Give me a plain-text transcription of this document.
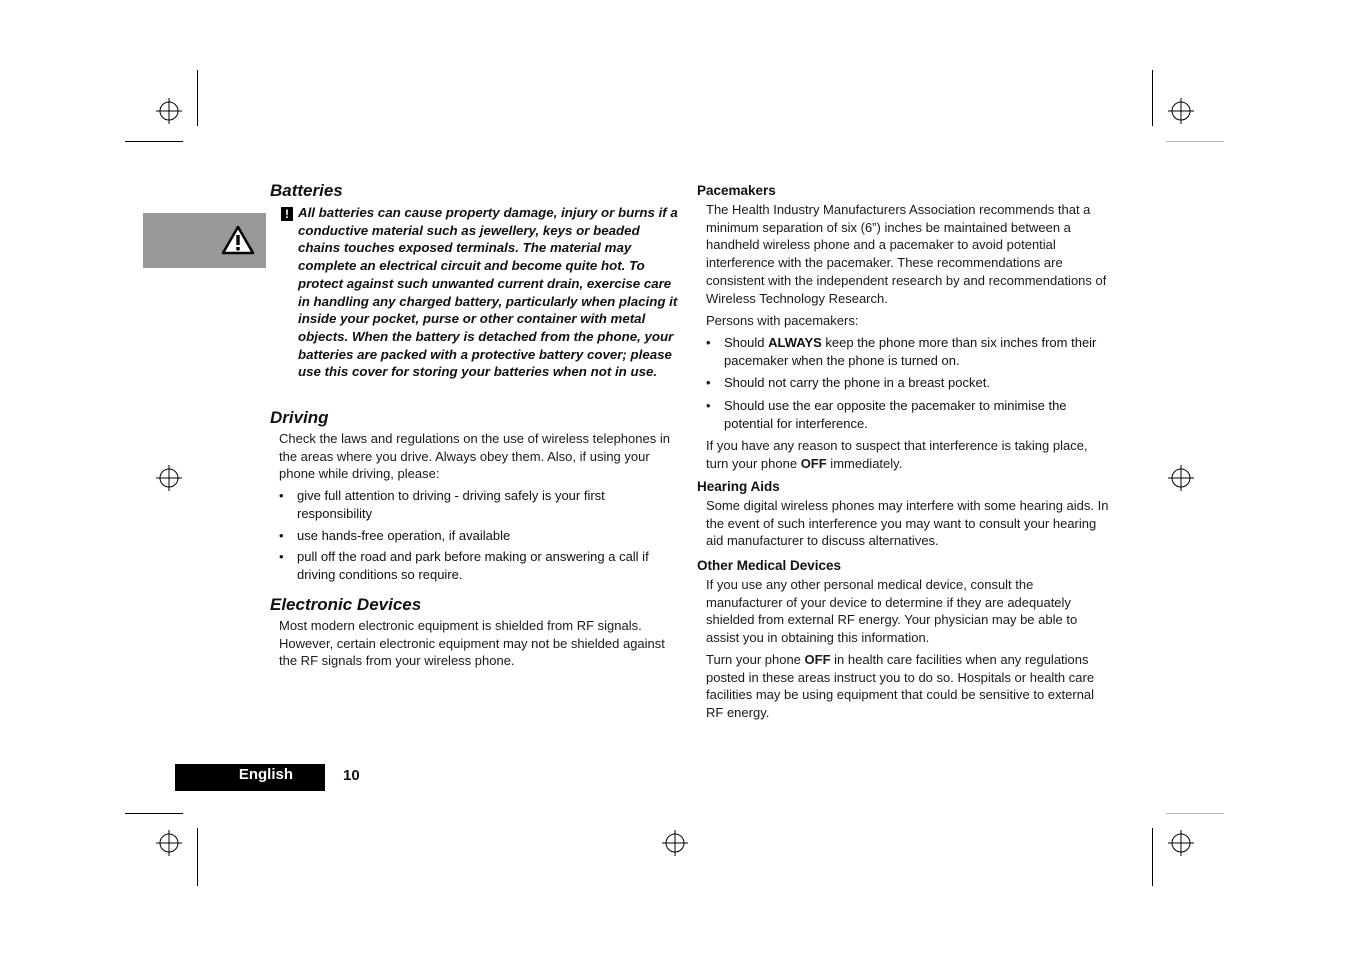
Batteries
! All batteries can cause property damage, injury or burns if a conductive material such as jewellery, keys or beaded chains touches exposed terminals. The material may complete an electrical circuit and become quite hot. To protect against such unwanted current drain, exercise care in handling any charged battery, particularly when placing it inside your pocket, purse or other container with metal objects. When the battery is detached from the phone, your batteries are packed with a protective battery cover; please use this cover for storing your batteries when not in use.

Driving

Check the laws and regulations on the use of wireless telephones in the areas where you drive. Always obey them. Also, if using your phone while driving, please:

• give full attention to driving - driving safely is your first responsibility
• use hands-free operation, if available
• pull off the road and park before making or answering a call if driving conditions so require.
Electronic Devices

Most modern electronic equipment is shielded from RF signals. However, certain electronic equipment may not be shielded against the RF signals from your wireless phone.

Pacemakers

The Health Industry Manufacturers Association recommends that a minimum separation of six (6”) inches be maintained between a handheld wireless phone and a pacemaker to avoid potential interference with the pacemaker. These recommendations are consistent with the independent research by and recommendations of Wireless Technology Research.

Persons with pacemakers:

• Should ALWAYS keep the phone more than six inches from their pacemaker when the phone is turned on.
• Should not carry the phone in a breast pocket.
• Should use the ear opposite the pacemaker to minimise the potential for interference.

If you have any reason to suspect that interference is taking place, turn your phone OFF immediately.

Hearing Aids

Some digital wireless phones may interfere with some hearing aids. In the event of such interference you may want to consult your hearing aid manufacturer to discuss alternatives.

Other Medical Devices

If you use any other personal medical device, consult the manufacturer of your device to determine if they are adequately shielded from external RF energy. Your physician may be able to assist you in obtaining this information.

Turn your phone OFF in health care facilities when any regulations posted in these areas instruct you to do so. Hospitals or health care facilities may be using equipment that could be sensitive to external RF energy.

English	10
